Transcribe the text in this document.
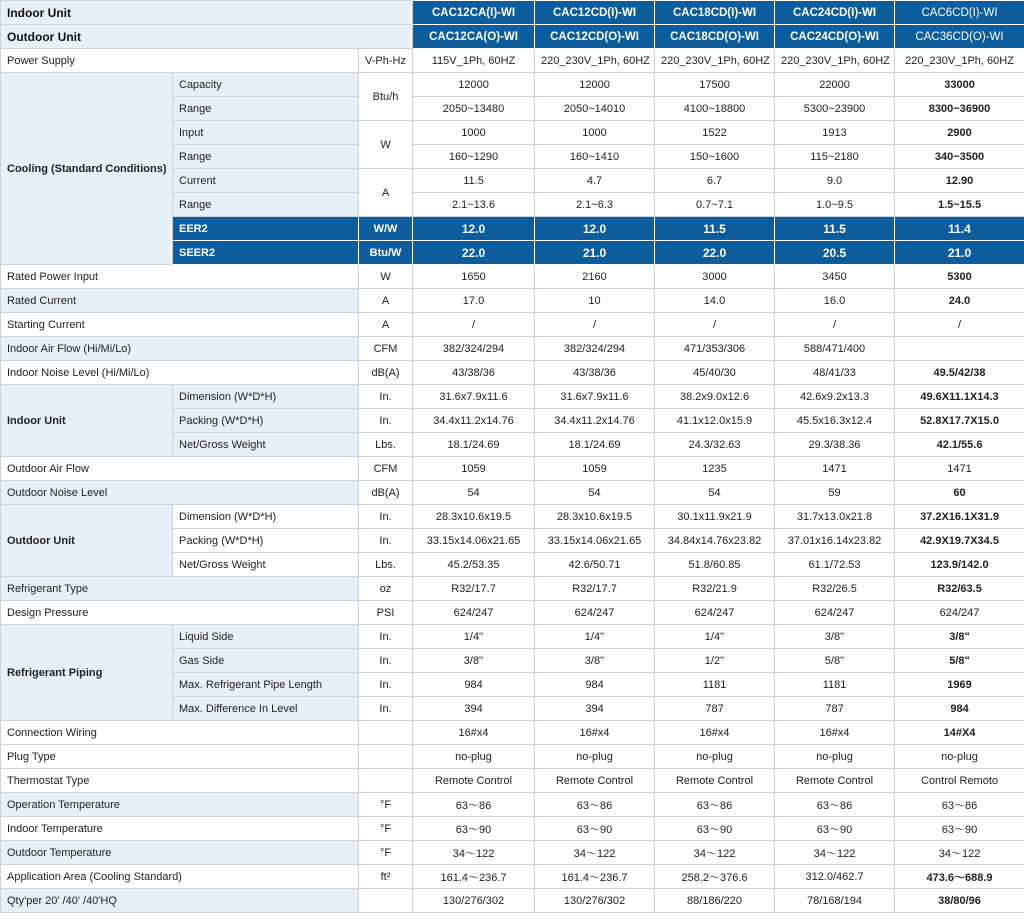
Indoor Unit			CAC12CA(I)-WI	CAC12CD(I)-WI	CAC18CD(I)-WI	CAC24CD(I)-WI	CAC6CD(I)-WI
Outdoor Unit			CAC12CA(O)-WI	CAC12CD(O)-WI	CAC18CD(O)-WI	CAC24CD(O)-WI	CAC36CD(O)-WI
Power Supply		V-Ph-Hz	115V_1Ph, 60HZ	220_230V_1Ph, 60HZ	220_230V_1Ph, 60HZ	220_230V_1Ph, 60HZ	220_230V_1Ph, 60HZ
Cooling (Standard Conditions)	Capacity	Btu/h	12000	12000	17500	22000	33000
	Range		2050~13480	2050~14010	4100~18800	5300~23900	8300~36900
	Input	W	1000	1000	1522	1913	2900
	Range		160~1290	160~1410	150~1600	115~2180	340~3500
	Current	A	11.5	4.7	6.7	9.0	12.90
	Range		2.1~13.6	2.1~6.3	0.7~7.1	1.0~9.5	1.5~15.5
	EER2	W/W	12.0	12.0	11.5	11.5	11.4
	SEER2	Btu/W	22.0	21.0	22.0	20.5	21.0
Rated Power Input		W	1650	2160	3000	3450	5300
Rated Current		A	17.0	10	14.0	16.0	24.0
Starting Current		A	/	/	/	/	/
Indoor Air Flow (Hi/Mi/Lo)		CFM	382/324/294	382/324/294	471/353/306	588/471/400	
Indoor Noise Level (Hi/Mi/Lo)		dB(A)	43/38/36	43/38/36	45/40/30	48/41/33	49.5/42/38
Indoor Unit	Dimension (W*D*H)	In.	31.6x7.9x11.6	31.6x7.9x11.6	38.2x9.0x12.6	42.6x9.2x13.3	49.6X11.1X14.3
	Packing (W*D*H)	In.	34.4x11.2x14.76	34.4x11.2x14.76	41.1x12.0x15.9	45.5x16.3x12.4	52.8X17.7X15.0
	Net/Gross Weight	Lbs.	18.1/24.69	18.1/24.69	24.3/32.63	29.3/38.36	42.1/55.6
Outdoor Air Flow		CFM	1059	1059	1235	1471	1471
Outdoor Noise Level		dB(A)	54	54	54	59	60
Outdoor Unit	Dimension (W*D*H)	In.	28.3x10.6x19.5	28.3x10.6x19.5	30.1x11.9x21.9	31.7x13.0x21.8	37.2X16.1X31.9
	Packing (W*D*H)	In.	33.15x14.06x21.65	33.15x14.06x21.65	34.84x14.76x23.82	37.01x16.14x23.82	42.9X19.7X34.5
	Net/Gross Weight	Lbs.	45.2/53.35	42.6/50.71	51.8/60.85	61.1/72.53	123.9/142.0
Refrigerant Type		oz	R32/17.7	R32/17.7	R32/21.9	R32/26.5	R32/63.5
Design Pressure		PSI	624/247	624/247	624/247	624/247	624/247
Refrigerant Piping	Liquid Side	In.	1/4''	1/4''	1/4''	3/8''	3/8"
	Gas Side	In.	3/8''	3/8''	1/2''	5/8''	5/8"
	Max. Refrigerant Pipe Length	In.	984	984	1181	1181	1969
	Max. Difference In Level	In.	394	394	787	787	984
Connection Wiring			16#x4	16#x4	16#x4	16#x4	14#X4
Plug Type			no-plug	no-plug	no-plug	no-plug	no-plug
Thermostat Type			Remote Control	Remote Control	Remote Control	Remote Control	Control Remoto
Operation Temperature		°F	63～86	63～86	63～86	63～86	63～86
Indoor Temperature		°F	63～90	63～90	63～90	63～90	63～90
Outdoor Temperature		°F	34～122	34～122	34～122	34～122	34～122
Application Area (Cooling Standard)		ft²	161.4～236.7	161.4～236.7	258.2～376.6	312.0/462.7	473.6～688.9
Qty'per 20' /40' /40'HQ			130/276/302	130/276/302	88/186/220	78/168/194	38/80/96
